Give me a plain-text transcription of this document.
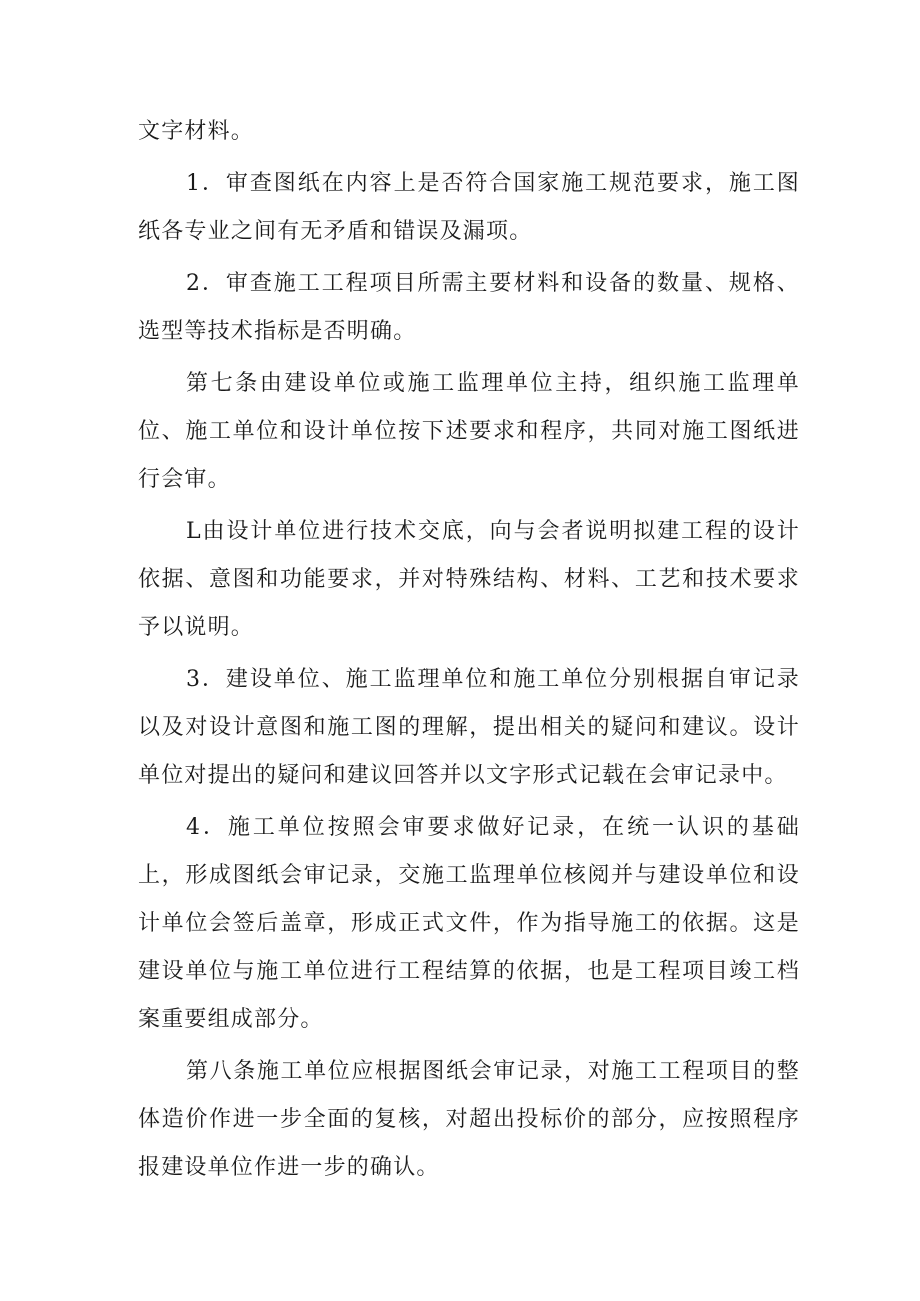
文字材料。

1．审查图纸在内容上是否符合国家施工规范要求，施工图纸各专业之间有无矛盾和错误及漏项。

2．审查施工工程项目所需主要材料和设备的数量、规格、选型等技术指标是否明确。

第七条由建设单位或施工监理单位主持，组织施工监理单位、施工单位和设计单位按下述要求和程序，共同对施工图纸进行会审。

L由设计单位进行技术交底，向与会者说明拟建工程的设计依据、意图和功能要求，并对特殊结构、材料、工艺和技术要求予以说明。

3．建设单位、施工监理单位和施工单位分别根据自审记录以及对设计意图和施工图的理解，提出相关的疑问和建议。设计单位对提出的疑问和建议回答并以文字形式记载在会审记录中。

4．施工单位按照会审要求做好记录，在统一认识的基础上，形成图纸会审记录，交施工监理单位核阅并与建设单位和设计单位会签后盖章，形成正式文件，作为指导施工的依据。这是建设单位与施工单位进行工程结算的依据，也是工程项目竣工档案重要组成部分。

第八条施工单位应根据图纸会审记录，对施工工程项目的整体造价作进一步全面的复核，对超出投标价的部分，应按照程序报建设单位作进一步的确认。
